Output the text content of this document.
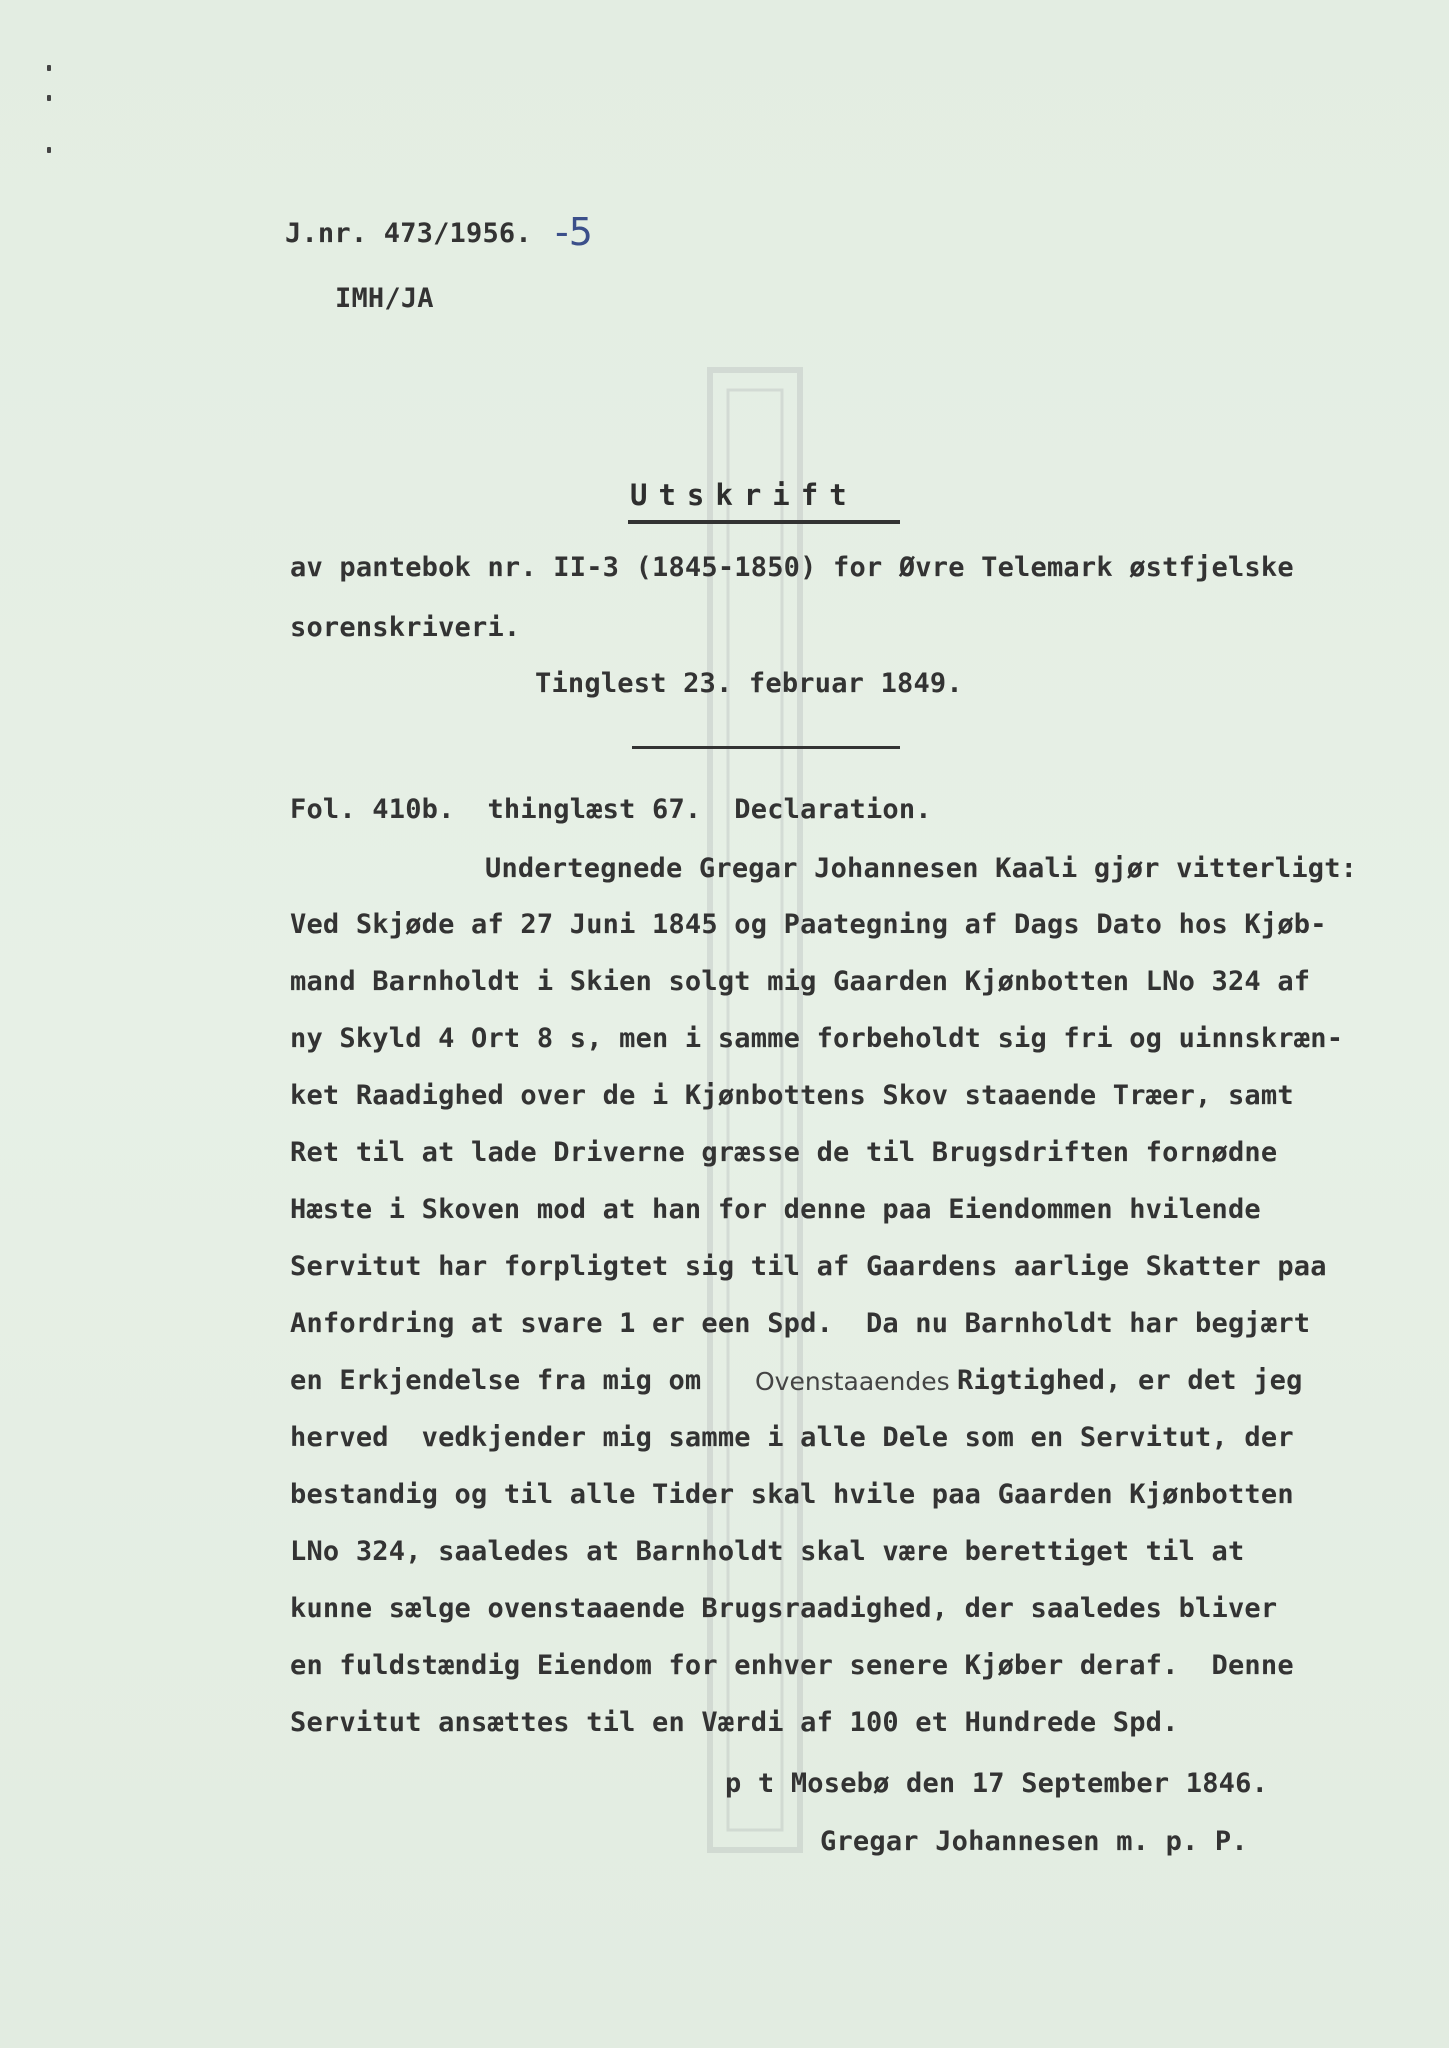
J.nr. 473/1956. -5
IMH/JA
Utskrift
av pantebok nr. II-3 (1845-1850) for Øvre Telemark østfjelske
sorenskriveri.
Tinglest 23. februar 1849.
Fol. 410b.  thinglæst 67.  Declaration.
Undertegnede Gregar Johannesen Kaali gjør vitterligt:
Ved Skjøde af 27 Juni 1845 og Paategning af Dags Dato hos Kjøb-
mand Barnholdt i Skien solgt mig Gaarden Kjønbotten LNo 324 af
ny Skyld 4 Ort 8 s, men i samme forbeholdt sig fri og uinnskræn-
ket Raadighed over de i Kjønbottens Skov staaende Træer, samt
Ret til at lade Driverne græsse de til Brugsdriften fornødne
Hæste i Skoven mod at han for denne paa Eiendommen hvilende
Servitut har forpligtet sig til af Gaardens aarlige Skatter paa
Anfordring at svare 1 er een Spd.  Da nu Barnholdt har begjært
en Erkjendelse fra mig om Ovenstaaendes Rigtighed, er det jeg
herved  vedkjender mig samme i alle Dele som en Servitut, der
bestandig og til alle Tider skal hvile paa Gaarden Kjønbotten
LNo 324, saaledes at Barnholdt skal være berettiget til at
kunne sælge ovenstaaende Brugsraadighed, der saaledes bliver
en fuldstændig Eiendom for enhver senere Kjøber deraf.  Denne
Servitut ansættes til en Værdi af 100 et Hundrede Spd.
p t Mosebø den 17 September 1846.
Gregar Johannesen m. p. P.
